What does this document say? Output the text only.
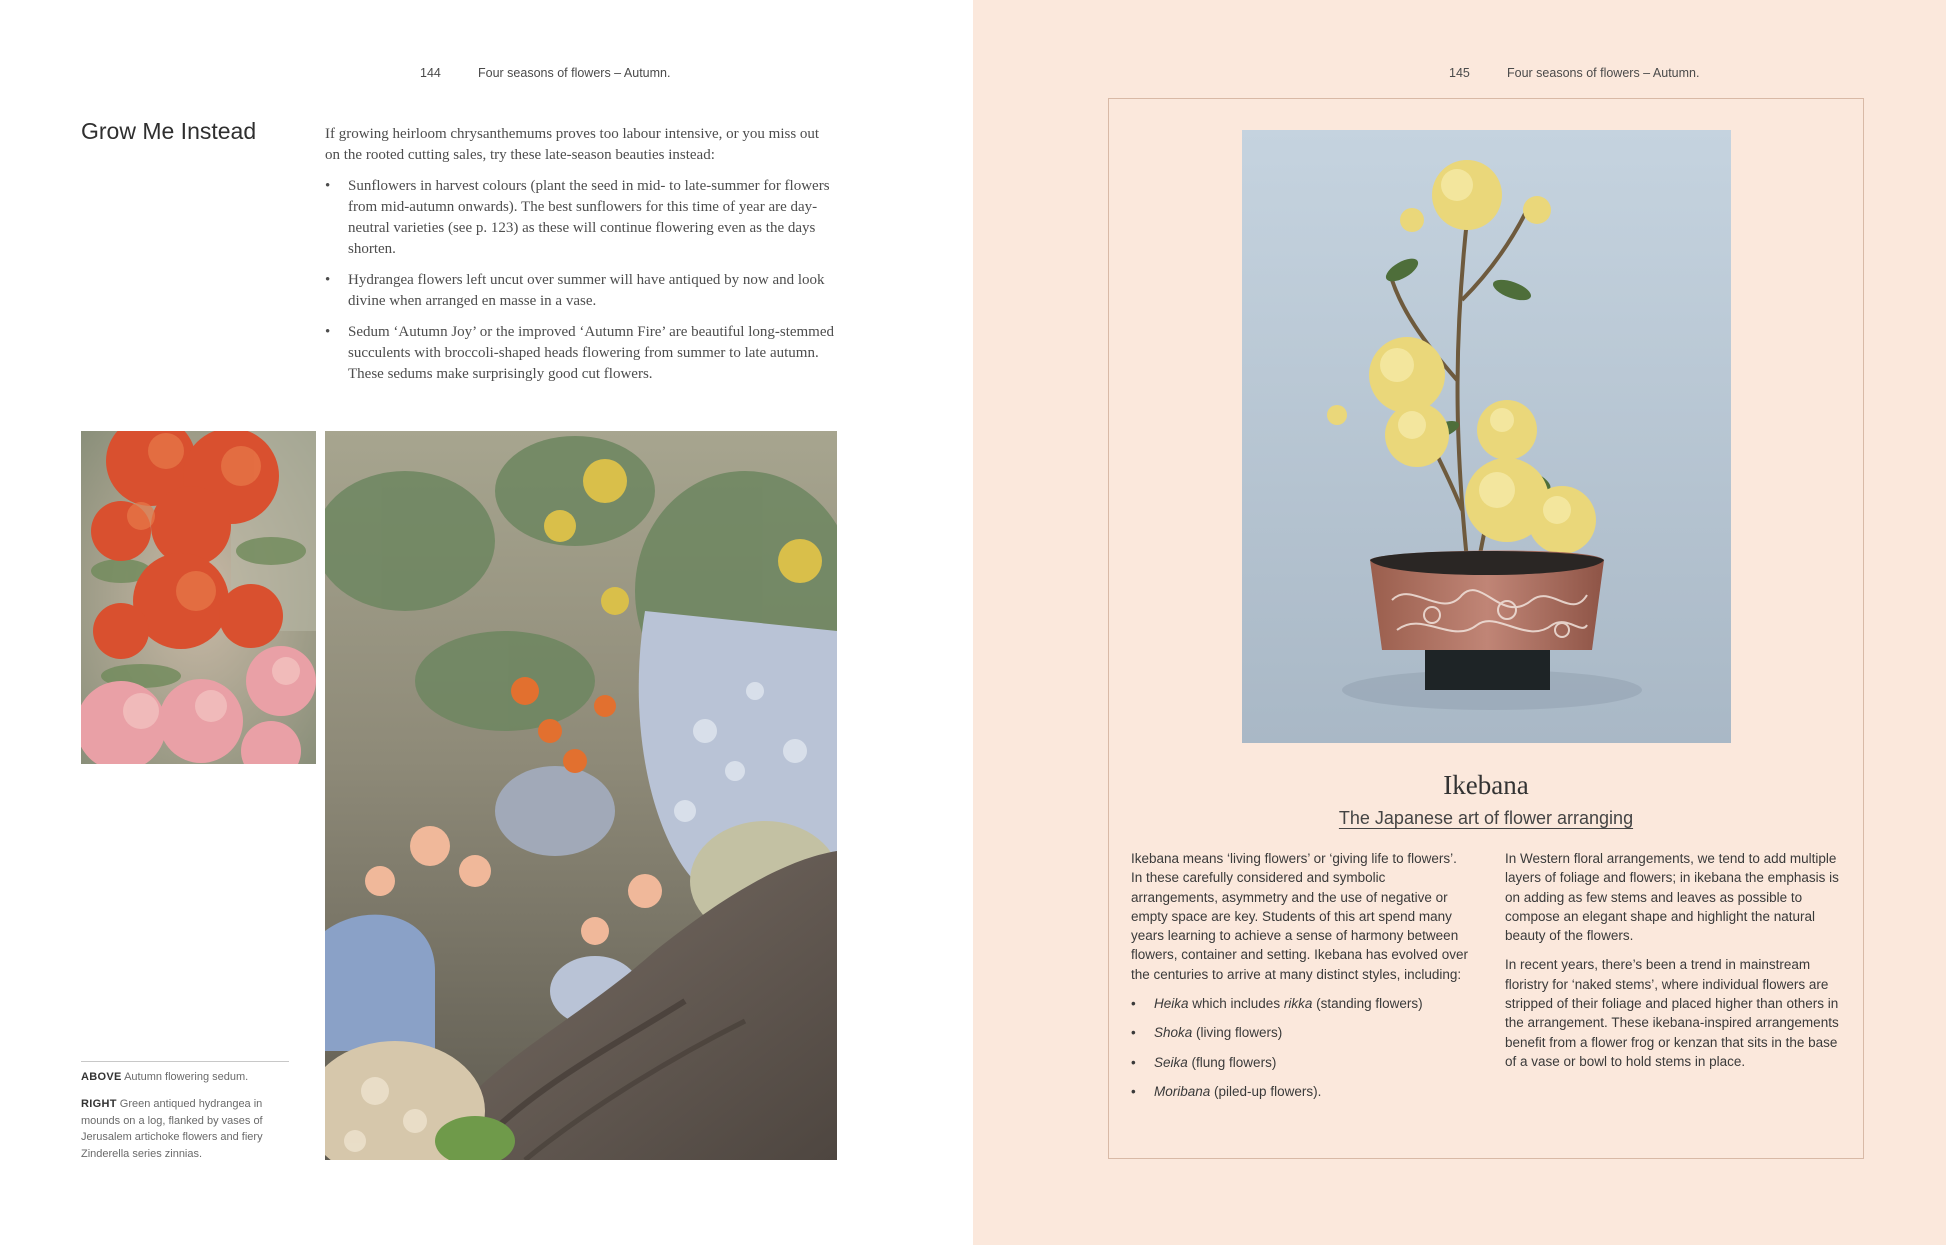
144	Four seasons of flowers – Autumn.
Grow Me Instead	If growing heirloom chrysanthemums proves too labour intensive, or you miss out on the rooted cutting sales, try these late-season beauties instead:

• Sunflowers in harvest colours (plant the seed in mid- to late-summer for flowers from mid-autumn onwards). The best sunflowers for this time of year are day-neutral varieties (see p. 123) as these will continue flowering even as the days shorten.
• Hydrangea flowers left uncut over summer will have antiqued by now and look divine when arranged en masse in a vase.
• Sedum ‘Autumn Joy’ or the improved ‘Autumn Fire’ are beautiful long-stemmed succulents with broccoli-shaped heads flowering from summer to late autumn. These sedums make surprisingly good cut flowers.
ABOVE Autumn flowering sedum.
RIGHT Green antiqued hydrangea in mounds on a log, flanked by vases of Jerusalem artichoke flowers and fiery Zinderella series zinnias.
145	Four seasons of flowers – Autumn.
Ikebana
The Japanese art of flower arranging

Ikebana means ‘living flowers’ or ‘giving life to flowers’. In these carefully considered and symbolic arrangements, asymmetry and the use of negative or empty space are key. Students of this art spend many years learning to achieve a sense of harmony between flowers, container and setting. Ikebana has evolved over the centuries to arrive at many distinct styles, including:

• Heika which includes rikka (standing flowers)
• Shoka (living flowers)
• Seika (flung flowers)
• Moribana (piled-up flowers).

In Western floral arrangements, we tend to add multiple layers of foliage and flowers; in ikebana the emphasis is on adding as few stems and leaves as possible to compose an elegant shape and highlight the natural beauty of the flowers.

In recent years, there’s been a trend in mainstream floristry for ‘naked stems’, where individual flowers are stripped of their foliage and placed higher than others in the arrangement. These ikebana-inspired arrangements benefit from a flower frog or kenzan that sits in the base of a vase or bowl to hold stems in place.
